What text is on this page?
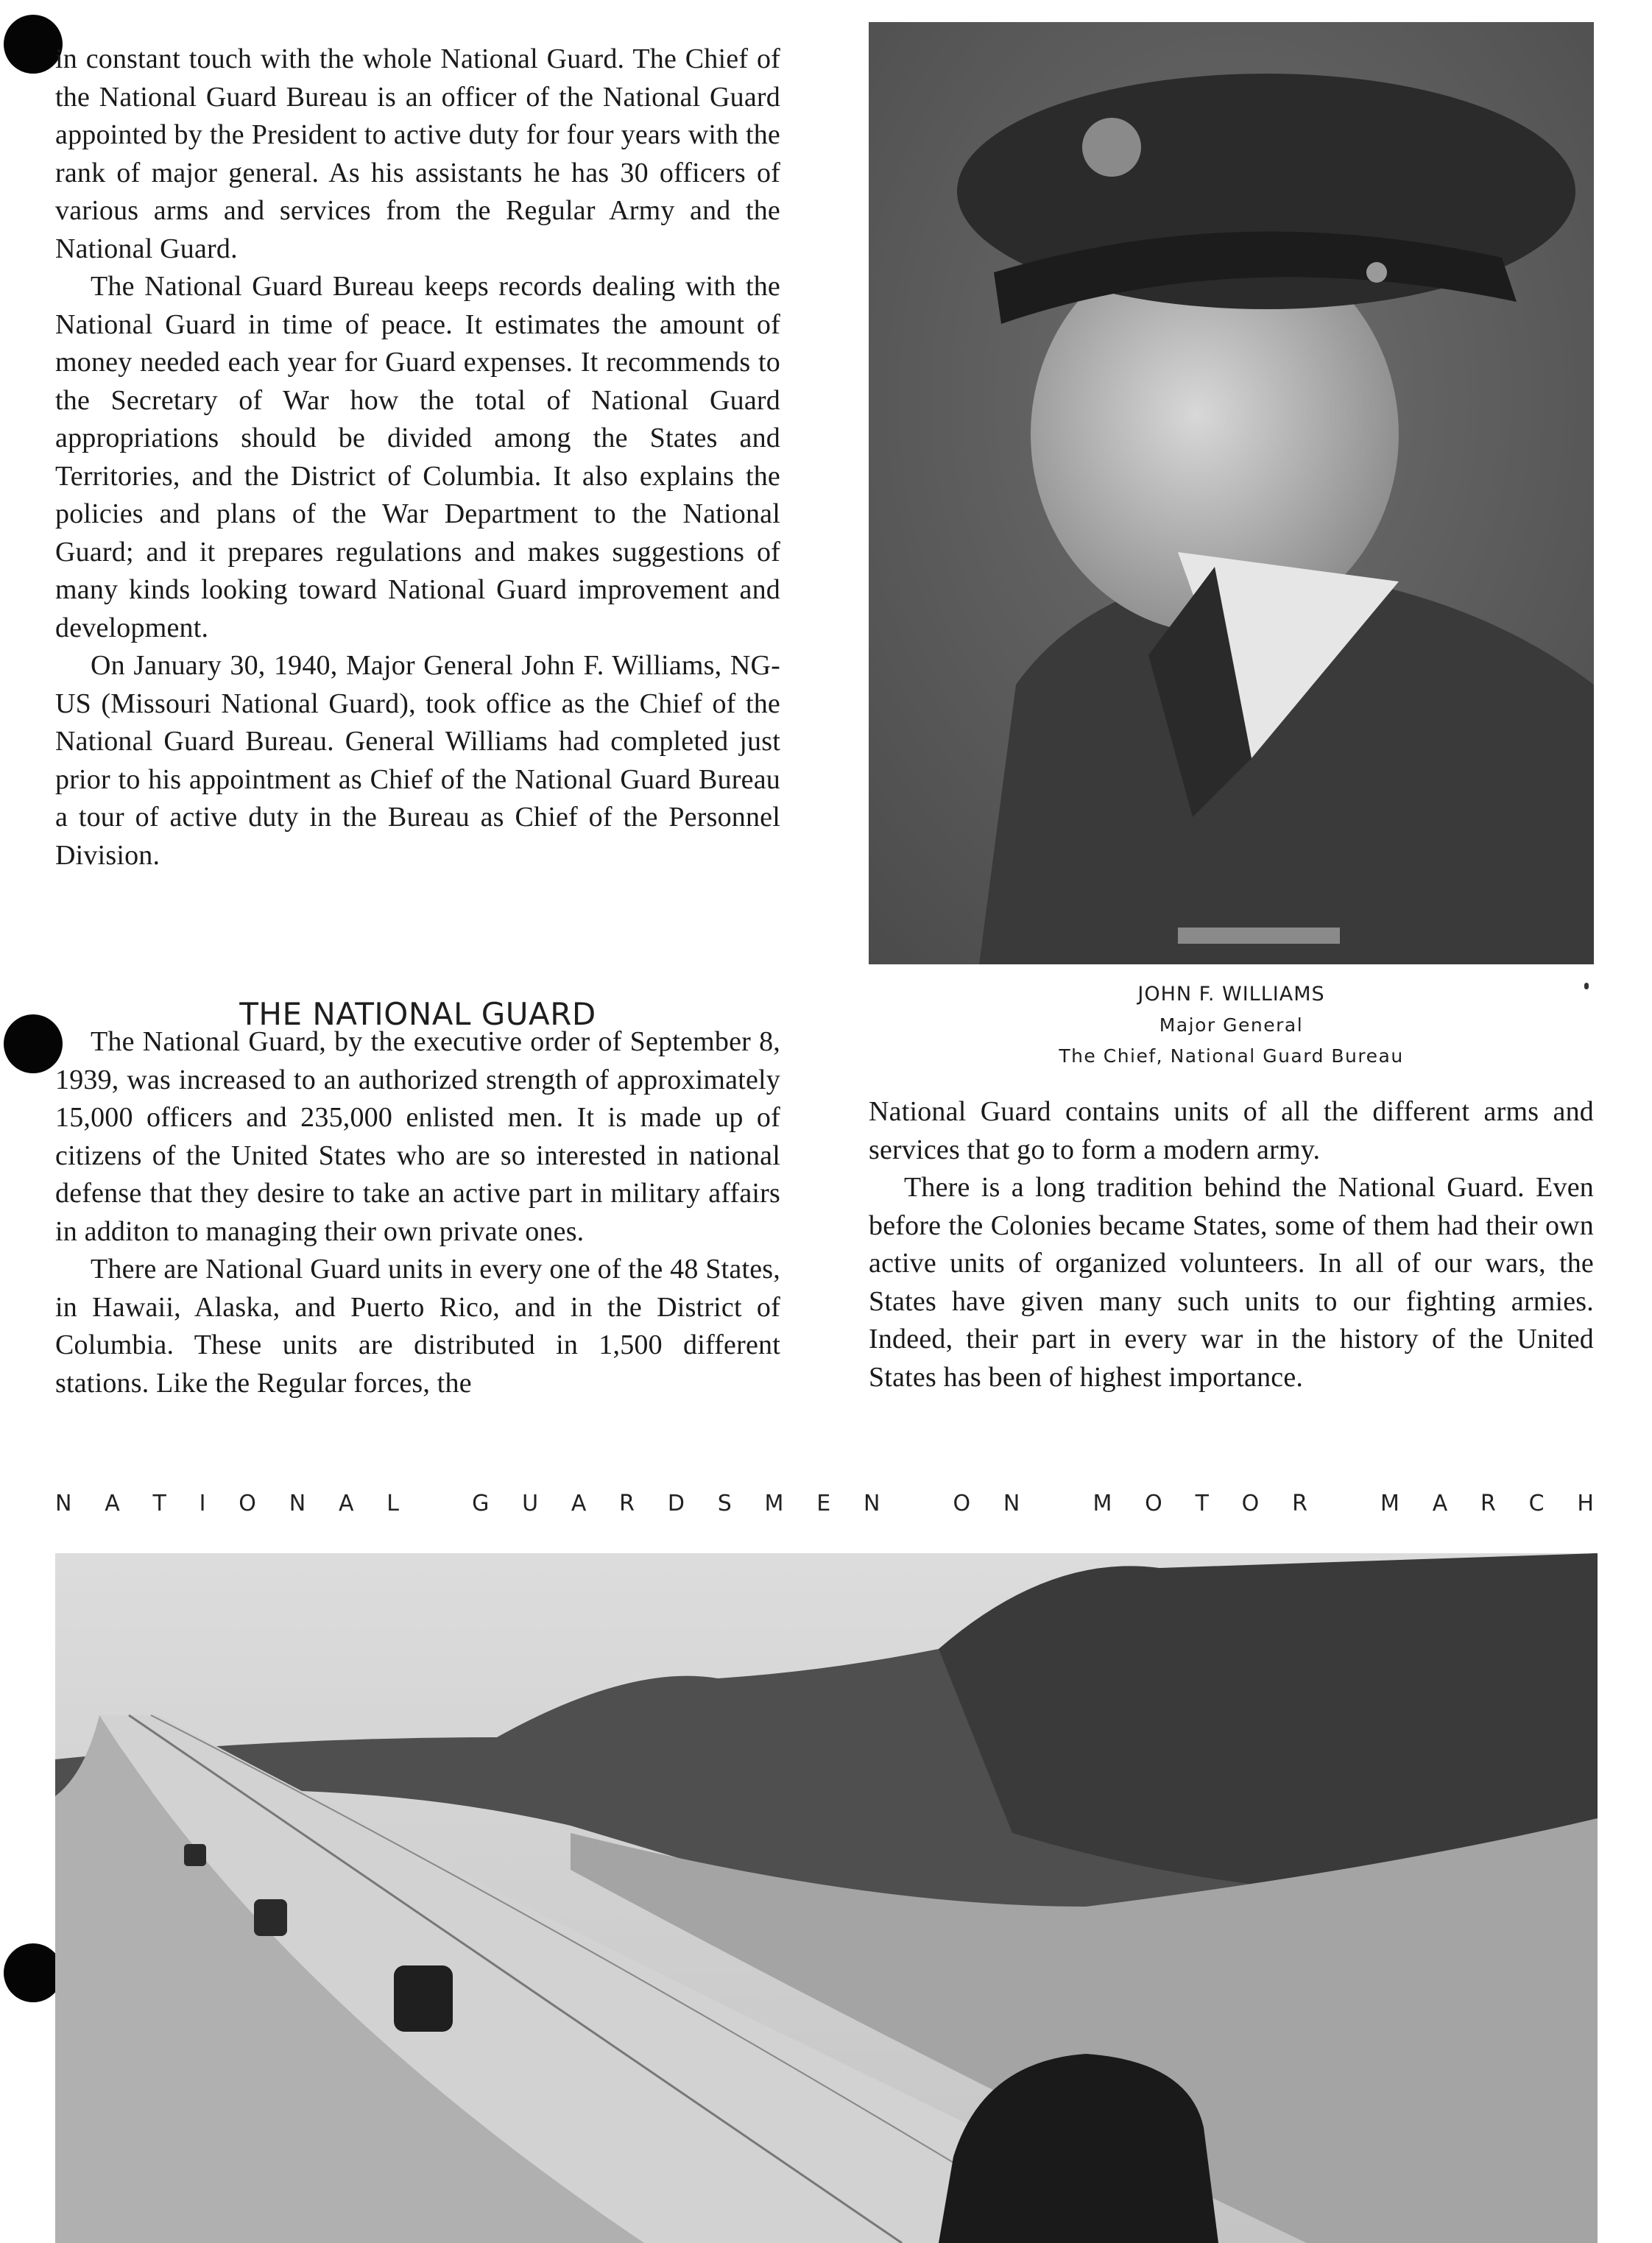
in constant touch with the whole National Guard. The Chief of the National Guard Bureau is an officer of the National Guard appointed by the President to active duty for four years with the rank of major general. As his assistants he has 30 officers of various arms and services from the Regular Army and the National Guard.

The National Guard Bureau keeps records dealing with the National Guard in time of peace. It estimates the amount of money needed each year for Guard expenses. It recommends to the Secretary of War how the total of National Guard appropriations should be divided among the States and Territories, and the District of Columbia. It also explains the policies and plans of the War Department to the National Guard; and it prepares regulations and makes suggestions of many kinds looking toward National Guard improvement and development.

On January 30, 1940, Major General John F. Williams, NG-US (Missouri National Guard), took office as the Chief of the National Guard Bureau. General Williams had completed just prior to his appointment as Chief of the National Guard Bureau a tour of active duty in the Bureau as Chief of the Personnel Division.

THE NATIONAL GUARD

The National Guard, by the executive order of September 8, 1939, was increased to an authorized strength of approximately 15,000 officers and 235,000 enlisted men. It is made up of citizens of the United States who are so interested in national defense that they desire to take an active part in military affairs in additon to managing their own private ones.

There are National Guard units in every one of the 48 States, in Hawaii, Alaska, and Puerto Rico, and in the District of Columbia. These units are distributed in 1,500 different stations. Like the Regular forces, the

JOHN F. WILLIAMS
Major General
The Chief, National Guard Bureau

National Guard contains units of all the different arms and services that go to form a modern army.

There is a long tradition behind the National Guard. Even before the Colonies became States, some of them had their own active units of organized volunteers. In all of our wars, the States have given many such units to our fighting armies. Indeed, their part in every war in the history of the United States has been of highest importance.

N A T I O N A L
	G U A R D S M E N
	O N
	M O T O R
	M A R C H
